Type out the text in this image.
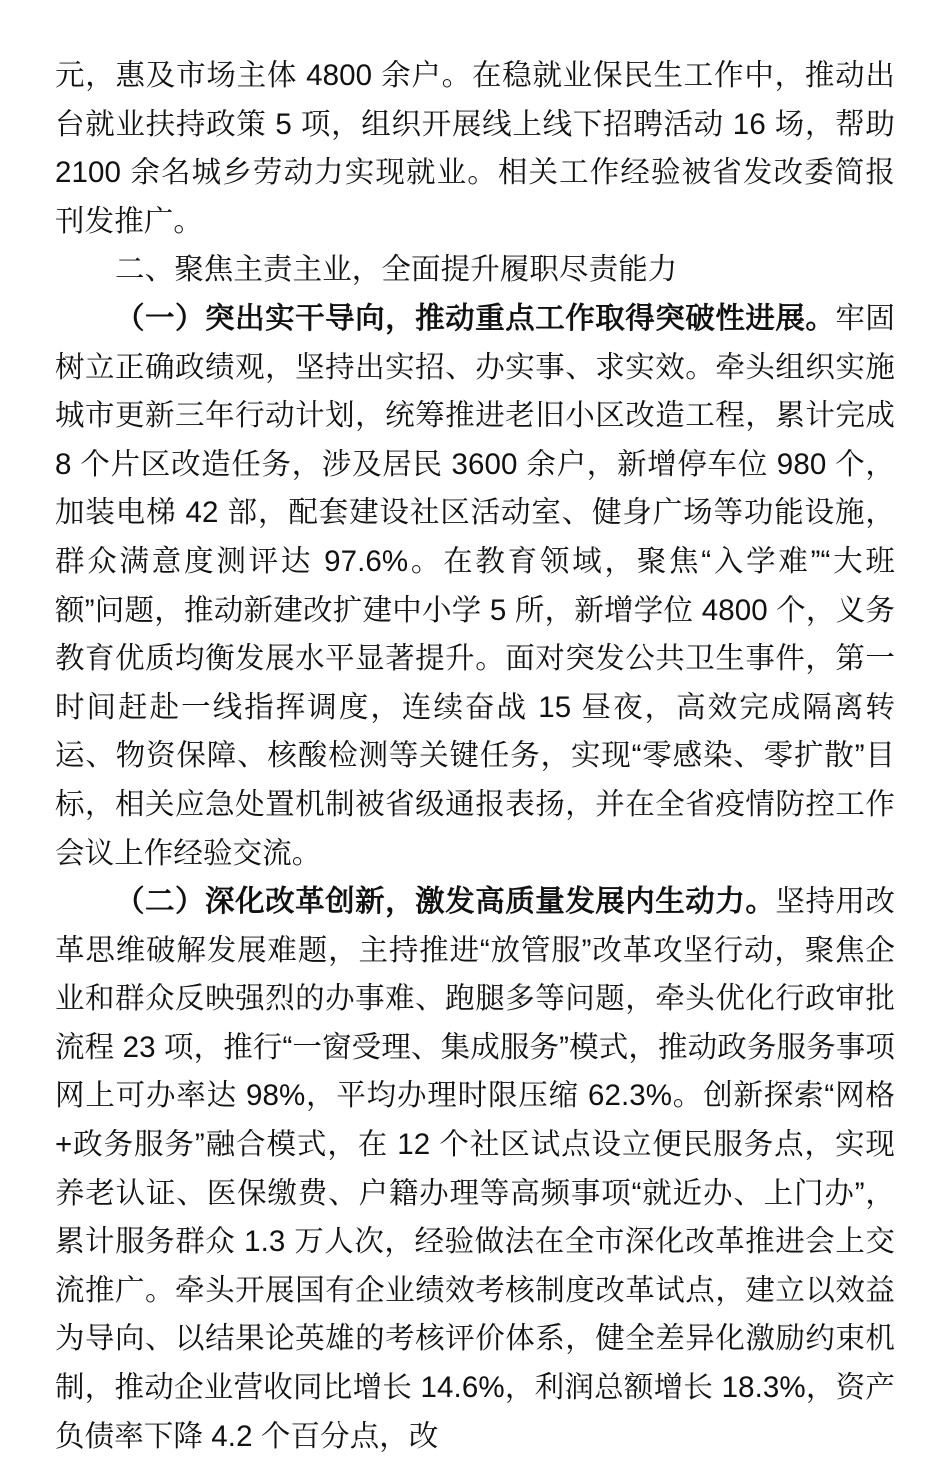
元，惠及市场主体 4800 余户。在稳就业保民生工作中，推动出台就业扶持政策 5 项，组织开展线上线下招聘活动 16 场，帮助 2100 余名城乡劳动力实现就业。相关工作经验被省发改委简报刊发推广。

二、聚焦主责主业，全面提升履职尽责能力

（一）突出实干导向，推动重点工作取得突破性进展。牢固树立正确政绩观，坚持出实招、办实事、求实效。牵头组织实施城市更新三年行动计划，统筹推进老旧小区改造工程，累计完成 8 个片区改造任务，涉及居民 3600 余户，新增停车位 980 个，加装电梯 42 部，配套建设社区活动室、健身广场等功能设施，群众满意度测评达 97.6%。在教育领域，聚焦“入学难”“大班额”问题，推动新建改扩建中小学 5 所，新增学位 4800 个，义务教育优质均衡发展水平显著提升。面对突发公共卫生事件，第一时间赶赴一线指挥调度，连续奋战 15 昼夜，高效完成隔离转运、物资保障、核酸检测等关键任务，实现“零感染、零扩散”目标，相关应急处置机制被省级通报表扬，并在全省疫情防控工作会议上作经验交流。

（二）深化改革创新，激发高质量发展内生动力。坚持用改革思维破解发展难题，主持推进“放管服”改革攻坚行动，聚焦企业和群众反映强烈的办事难、跑腿多等问题，牵头优化行政审批流程 23 项，推行“一窗受理、集成服务”模式，推动政务服务事项网上可办率达 98%，平均办理时限压缩 62.3%。创新探索“网格+政务服务”融合模式，在 12 个社区试点设立便民服务点，实现养老认证、医保缴费、户籍办理等高频事项“就近办、上门办”，累计服务群众 1.3 万人次，经验做法在全市深化改革推进会上交流推广。牵头开展国有企业绩效考核制度改革试点，建立以效益为导向、以结果论英雄的考核评价体系，健全差异化激励约束机制，推动企业营收同比增长 14.6%，利润总额增长 18.3%，资产负债率下降 4.2 个百分点，改
